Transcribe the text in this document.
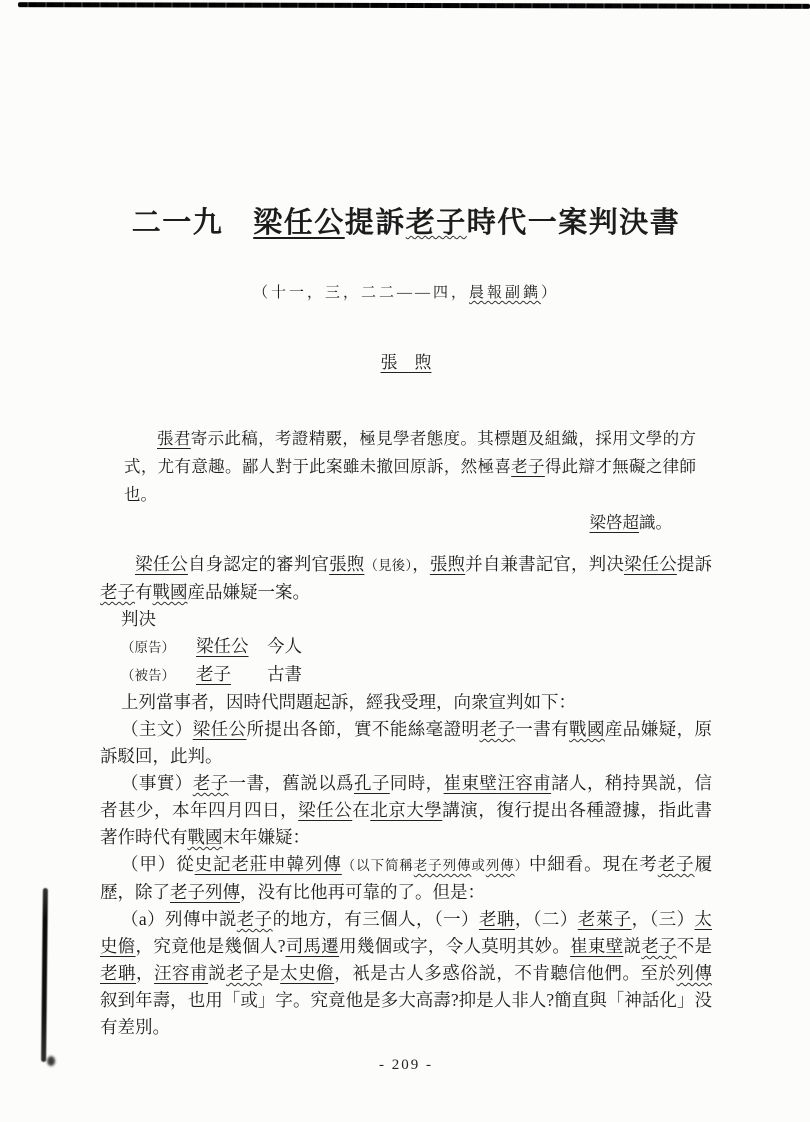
二一九 梁任公提訴老子時代一案判決書
（十一，三，二二——四，晨報副鐫）
張　煦
張君寄示此稿，考證精覈，極見學者態度。其標題及組織，採用文學的方式，尤有意趣。鄙人對于此案雖未撤回原訴，然極喜老子得此辯才無礙之律師也。
梁啓超識。

梁任公自身認定的審判官張煦（見後），張煦并自兼書記官，判决梁任公提訴老子有戰國産品嫌疑一案。

判决

（原告） 梁任公 今人

（被告） 老子 古書

上列當事者，因時代問題起訴，經我受理，向衆宣判如下：

（主文）梁任公所提出各節，實不能絲毫證明老子一書有戰國産品嫌疑，原訴駁回，此判。

（事實）老子一書，舊説以爲孔子同時，崔東壁汪容甫諸人，稍持異説，信者甚少，本年四月四日，梁任公在北京大學講演，復行提出各種證據，指此書著作時代有戰國末年嫌疑：

（甲）從史記老莊申韓列傳（以下简稱老子列傳或列傳）中細看。現在考老子履歷，除了老子列傳，没有比他再可靠的了。但是：

（a）列傳中説老子的地方，有三個人，（一）老聃，（二）老萊子，（三）太史儋，究竟他是幾個人?司馬遷用幾個或字，令人莫明其妙。崔東壁説老子不是老聃，汪容甫説老子是太史儋，衹是古人多惑俗説，不肯聽信他們。至於列傳叙到年壽，也用「或」字。究竟他是多大高壽?抑是人非人?簡直與「神話化」没有差別。

- 209 -
